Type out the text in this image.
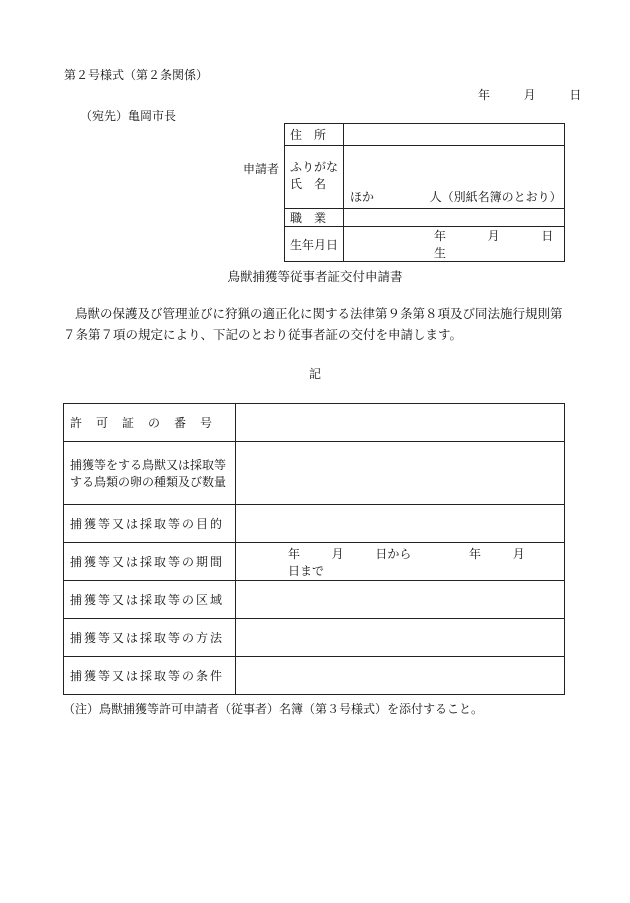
第２号様式（第２条関係）
年	月	日
（宛先）亀岡市長
申請者
住　所	

ふりがな
氏　名	ほか 人（別紙名簿のとおり）
職　業	
生年月日	年 月 日生
鳥獣捕獲等従事者証交付申請書
鳥獣の保護及び管理並びに狩猟の適正化に関する法律第９条第８項及び同法施行規則第７条第７項の規定により、下記のとおり従事者証の交付を申請します。
記
許可証の番号	

捕獲等をする鳥獣又は採取等
する鳥類の卵の種類及び数量	

捕獲等又は採取等の目的	
捕獲等又は採取等の期間	年 月 日から 年 月  日まで
捕獲等又は採取等の区域	
捕獲等又は採取等の方法	
捕獲等又は採取等の条件	
（注）鳥獣捕獲等許可申請者（従事者）名簿（第３号様式）を添付すること。
